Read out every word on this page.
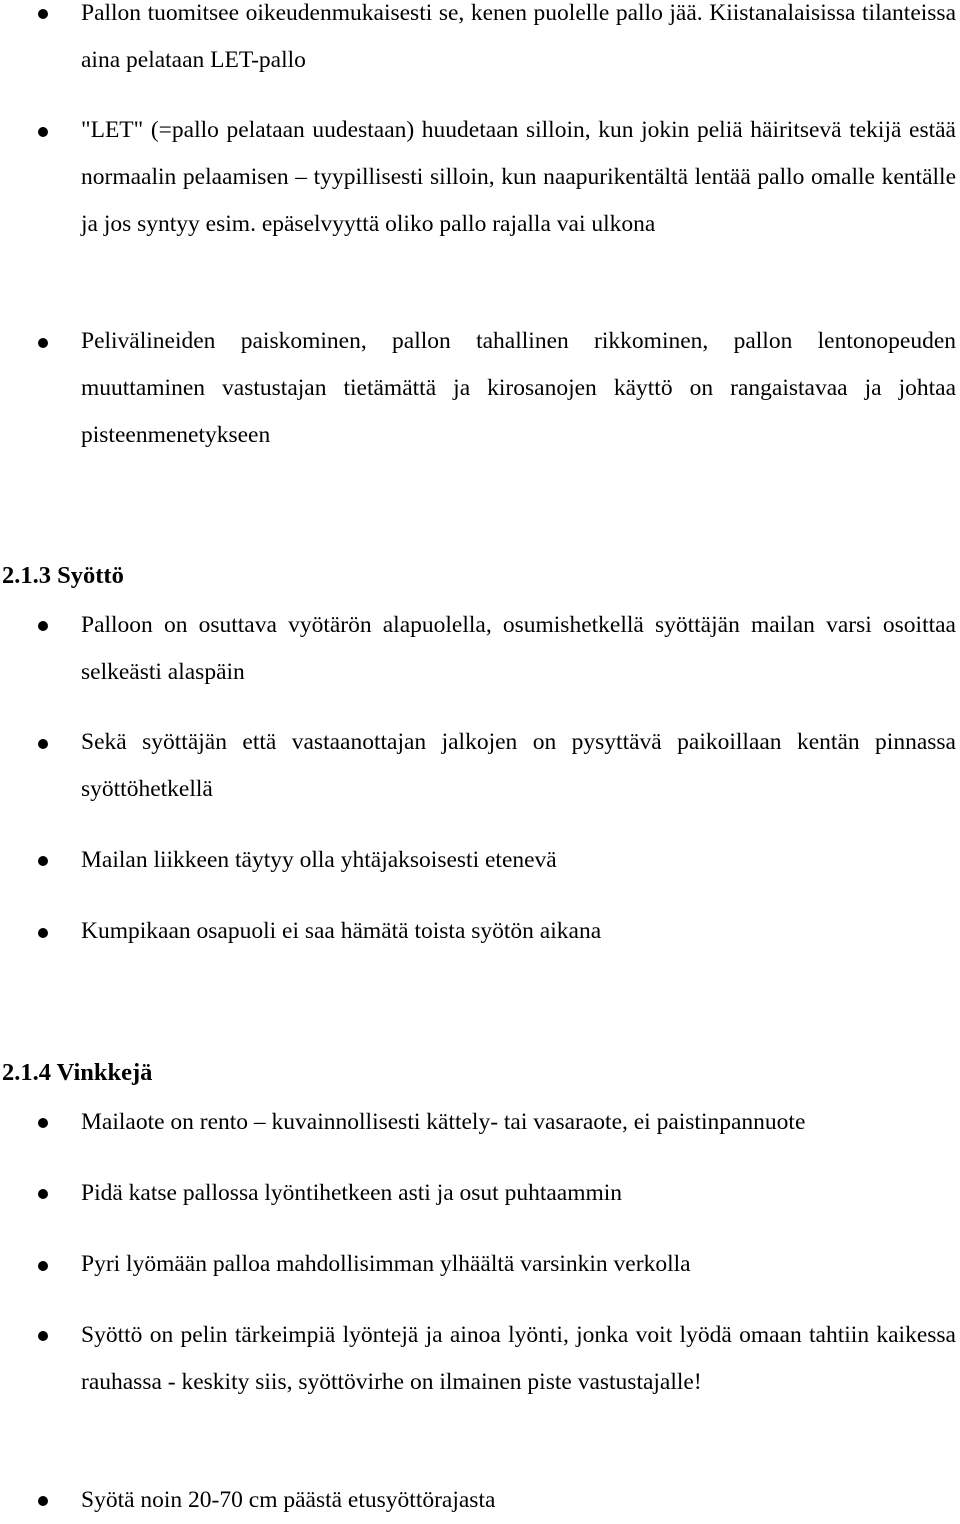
Pallon tuomitsee oikeudenmukaisesti se, kenen puolelle pallo jää. Kiistanalaisissa tilanteissa aina pelataan LET-pallo
"LET" (=pallo pelataan uudestaan) huudetaan silloin, kun jokin peliä häiritsevä tekijä estää normaalin pelaamisen – tyypillisesti silloin, kun naapurikentältä lentää pallo omalle kentälle ja jos syntyy esim. epäselvyyttä oliko pallo rajalla vai ulkona
Pelivälineiden paiskominen, pallon tahallinen rikkominen, pallon lentonopeuden muuttaminen vastustajan tietämättä ja kirosanojen käyttö on rangaistavaa ja johtaa pisteenmenetykseen
2.1.3 Syöttö
Palloon on osuttava vyötärön alapuolella, osumishetkellä syöttäjän mailan varsi osoittaa selkeästi alaspäin
Sekä syöttäjän että vastaanottajan jalkojen on pysyttävä paikoillaan kentän pinnassa syöttöhetkellä
Mailan liikkeen täytyy olla yhtäjaksoisesti etenevä
Kumpikaan osapuoli ei saa hämätä toista syötön aikana
2.1.4 Vinkkejä
Mailaote on rento – kuvainnollisesti kättely- tai vasaraote, ei paistinpannuote
Pidä katse pallossa lyöntihetkeen asti ja osut puhtaammin
Pyri lyömään palloa mahdollisimman ylhäältä varsinkin verkolla
Syöttö on pelin tärkeimpiä lyöntejä ja ainoa lyönti, jonka voit lyödä omaan tahtiin kaikessa rauhassa - keskity siis, syöttövirhe on ilmainen piste vastustajalle!
Syötä noin 20-70 cm päästä etusyöttörajasta
